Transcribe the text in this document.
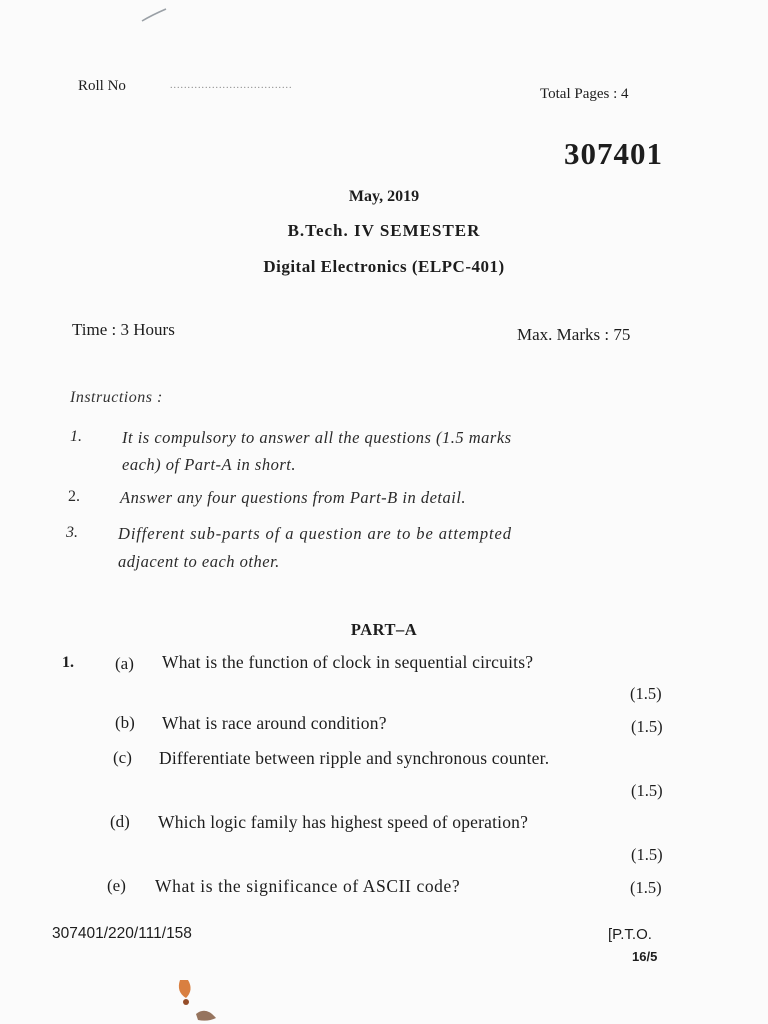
Roll No	...................................
Total Pages : 4
307401
May, 2019
B.Tech. IV SEMESTER
Digital Electronics (ELPC-401)
Time : 3 Hours	Max. Marks : 75
Instructions :
1. It is compulsory to answer all the questions (1.5 marks
each) of Part-A in short.
2. Answer any four questions from Part-B in detail.
3. Different sub-parts of a question are to be attempted
adjacent to each other.
PART–A
1. (a) What is the function of clock in sequential circuits?
(1.5)
(b) What is race around condition?	(1.5)
(c) Differentiate between ripple and synchronous counter.
(1.5)
(d) Which logic family has highest speed of operation?
(1.5)
(e) What is the significance of ASCII code?	(1.5)
307401/220/111/158	[P.T.O.
16/5
